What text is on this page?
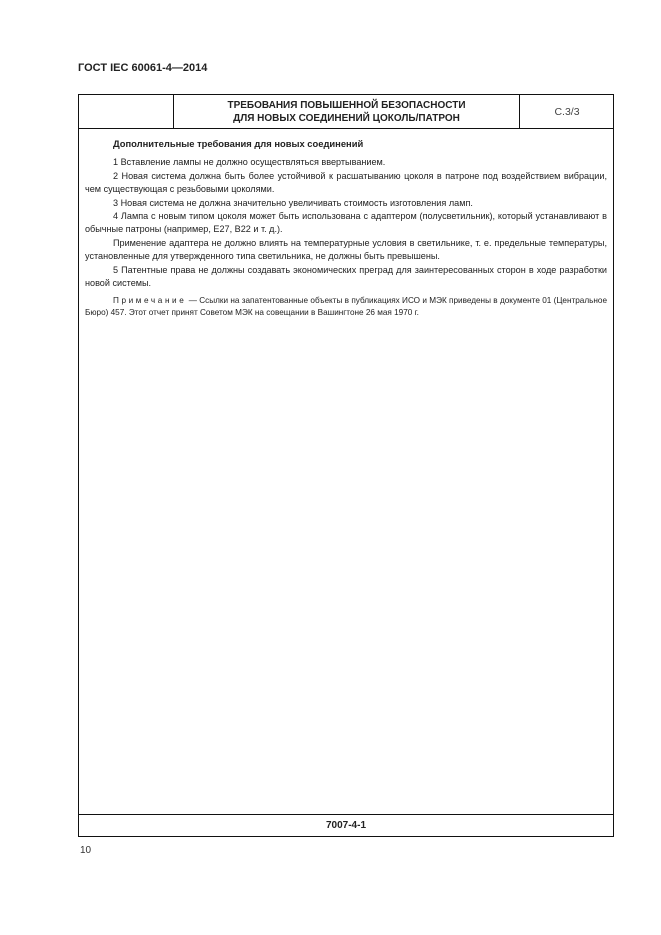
ГОСТ IEC 60061-4—2014
ТРЕБОВАНИЯ ПОВЫШЕННОЙ БЕЗОПАСНОСТИ
ДЛЯ НОВЫХ СОЕДИНЕНИЙ ЦОКОЛЬ/ПАТРОН
C.3/3
Дополнительные требования для новых соединений

1 Вставление лампы не должно осуществляться ввертыванием.

2 Новая система должна быть более устойчивой к расшатыванию цоколя в патроне под воздействием вибрации, чем существующая с резьбовыми цоколями.

3 Новая система не должна значительно увеличивать стоимость изготовления ламп.

4 Лампа с новым типом цоколя может быть использована с адаптером (полусветильник), который устанавливают в обычные патроны (например, E27, B22 и т. д.).

Применение адаптера не должно влиять на температурные условия в светильнике, т. е. предельные температуры, установленные для утвержденного типа светильника, не должны быть превышены.

5 Патентные права не должны создавать экономических преград для заинтересованных сторон в ходе разработки новой системы.

Примечание — Ссылки на запатентованные объекты в публикациях ИСО и МЭК приведены в документе 01 (Центральное Бюро) 457. Этот отчет принят Советом МЭК на совещании в Вашингтоне 26 мая 1970 г.

7007-4-1
10
